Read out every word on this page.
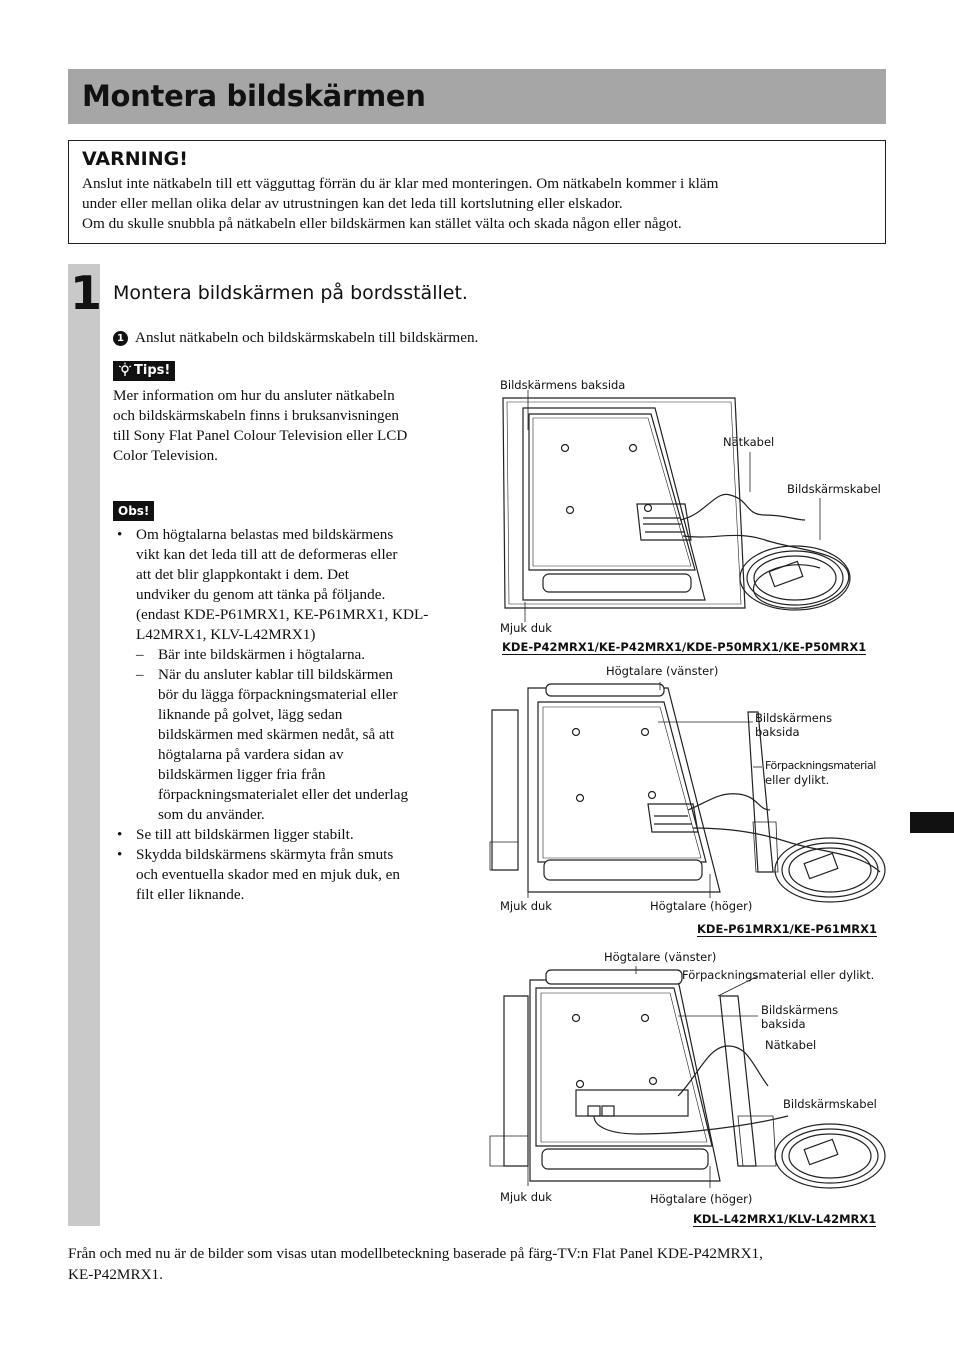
Montera bildskärmen
VARNING!
Anslut inte nätkabeln till ett vägguttag förrän du är klar med monteringen. Om nätkabeln kommer i kläm
under eller mellan olika delar av utrustningen kan det leda till kortslutning eller elskador.
Om du skulle snubbla på nätkabeln eller bildskärmen kan stället välta och skada någon eller något.
1 Montera bildskärmen på bordsstället.
1 Anslut nätkabeln och bildskärmskabeln till bildskärmen.
Tips!
Mer information om hur du ansluter nätkabeln
och bildskärmskabeln finns i bruksanvisningen
till Sony Flat Panel Colour Television eller LCD
Color Television.
Obs!
• Om högtalarna belastas med bildskärmens
vikt kan det leda till att de deformeras eller
att det blir glappkontakt i dem. Det
undviker du genom att tänka på följande.
(endast KDE-P61MRX1, KE-P61MRX1, KDL-
L42MRX1, KLV-L42MRX1)
– Bär inte bildskärmen i högtalarna.
– När du ansluter kablar till bildskärmen
bör du lägga förpackningsmaterial eller
liknande på golvet, lägg sedan
bildskärmen med skärmen nedåt, så att
högtalarna på vardera sidan av
bildskärmen ligger fria från
förpackningsmaterialet eller det underlag
som du använder.
• Se till att bildskärmen ligger stabilt.
• Skydda bildskärmens skärmyta från smuts
och eventuella skador med en mjuk duk, en
filt eller liknande.
Bildskärmens baksida
Nätkabel
Bildskärmskabel
Mjuk duk
KDE-P42MRX1/KE-P42MRX1/KDE-P50MRX1/KE-P50MRX1
Högtalare (vänster)
Bildskärmens
baksida
Förpackningsmaterial
eller dylikt.
Mjuk duk	Högtalare (höger)
KDE-P61MRX1/KE-P61MRX1
Högtalare (vänster)
Förpackningsmaterial eller dylikt.
Bildskärmens
baksida
Nätkabel
Bildskärmskabel
Mjuk duk	Högtalare (höger)
KDL-L42MRX1/KLV-L42MRX1
Från och med nu är de bilder som visas utan modellbeteckning baserade på färg-TV:n Flat Panel KDE-P42MRX1,
KE-P42MRX1.
